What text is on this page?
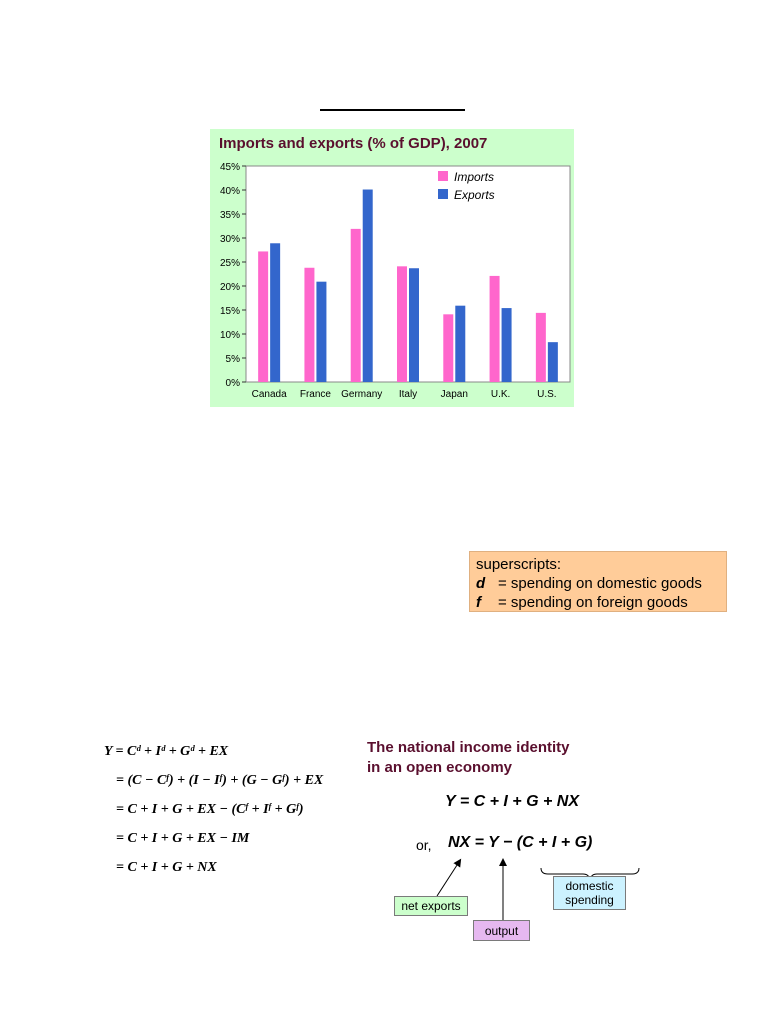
Imports and exports (% of GDP), 2007
0%
5%
10%
15%
20%
25%
30%
35%
40%
45%
Canada France Germany Italy Japan U.K.	U.S.
Imports
Exports
superscripts:
d = spending on domestic goods
f = spending on foreign goods
Y = Cᵈ + Iᵈ + Gᵈ + EX
= (C − Cᶠ) + (I − Iᶠ) + (G − Gᶠ) + EX
= C + I + G + EX − (Cᶠ + Iᶠ + Gᶠ)
= C + I + G + EX − IM
= C + I + G + NX
The national income identity
in an open economy
Y = C + I + G + NX
or, NX = Y − (C + I + G)
net exports
output
domestic
spending
